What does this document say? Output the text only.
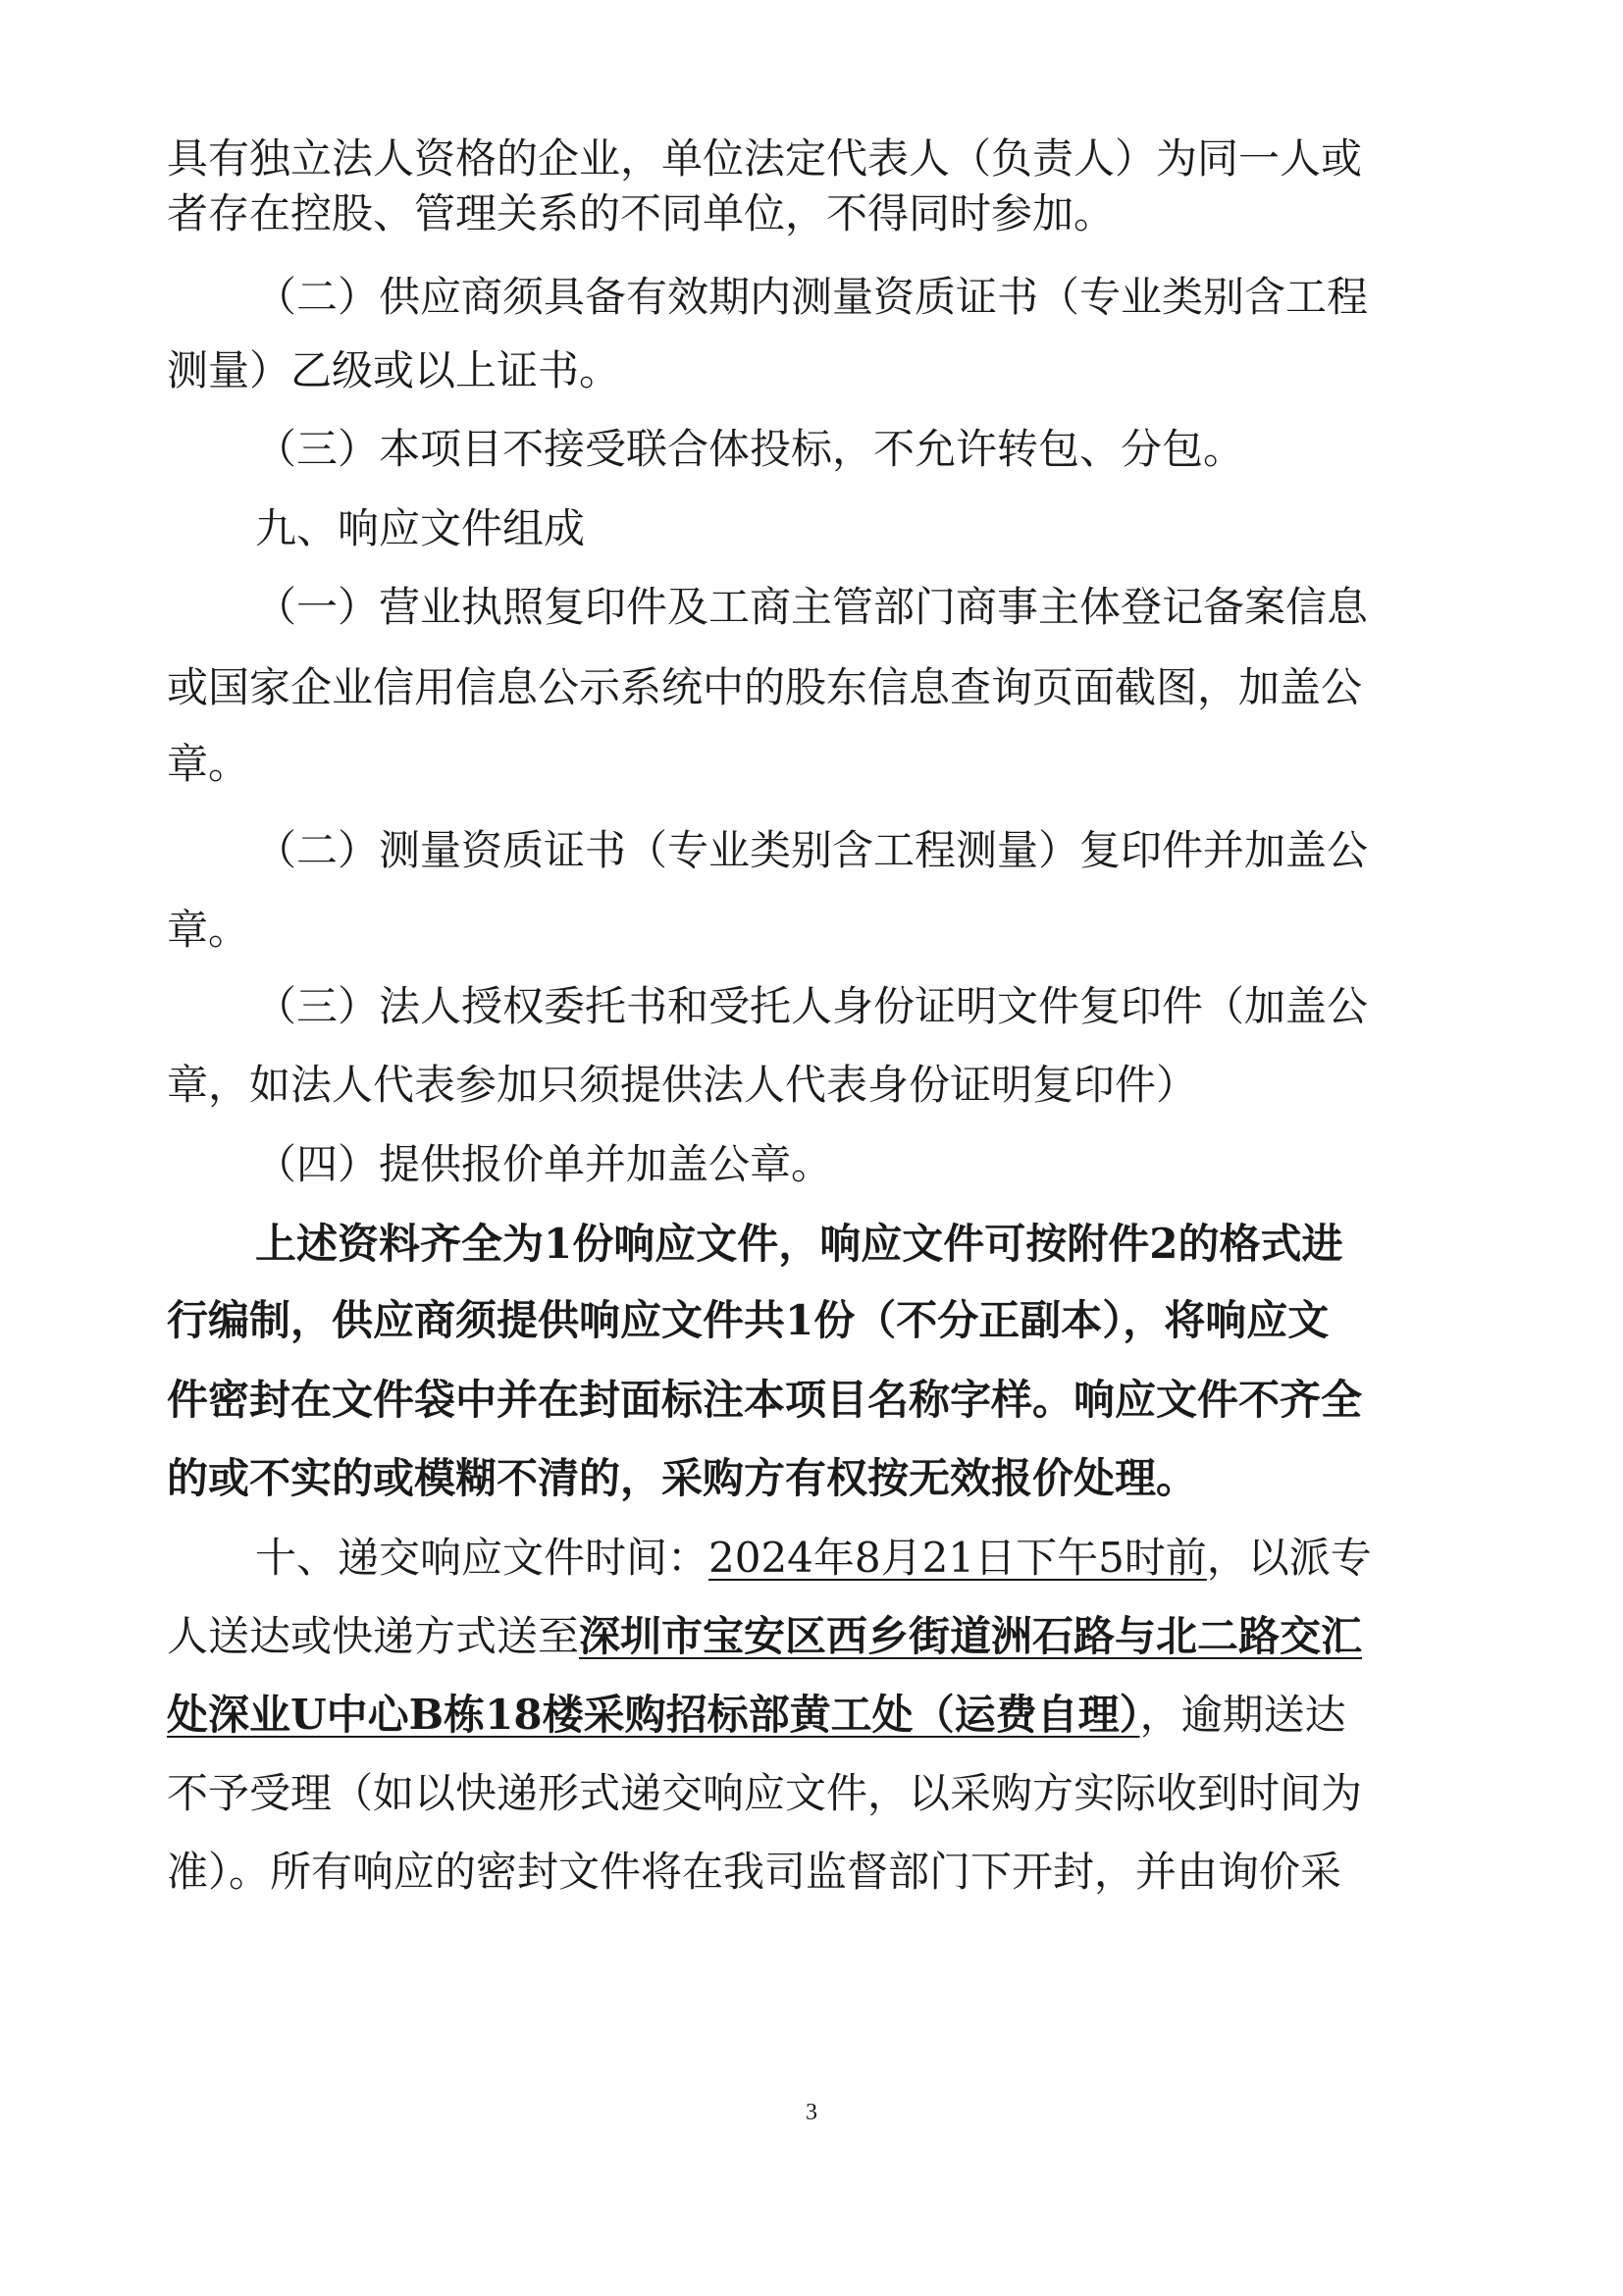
具有独立法人资格的企业，单位法定代表人（负责人）为同一人或
者存在控股、管理关系的不同单位，不得同时参加。
（二）供应商须具备有效期内测量资质证书（专业类别含工程
测量）乙级或以上证书。
（三）本项目不接受联合体投标，不允许转包、分包。
九、响应文件组成
（一）营业执照复印件及工商主管部门商事主体登记备案信息
或国家企业信用信息公示系统中的股东信息查询页面截图，加盖公
章。
（二）测量资质证书（专业类别含工程测量）复印件并加盖公
章。
（三）法人授权委托书和受托人身份证明文件复印件（加盖公
章，如法人代表参加只须提供法人代表身份证明复印件）
（四）提供报价单并加盖公章。
上述资料齐全为1份响应文件，响应文件可按附件2的格式进
行编制，供应商须提供响应文件共1份（不分正副本），将响应文
件密封在文件袋中并在封面标注本项目名称字样。响应文件不齐全
的或不实的或模糊不清的，采购方有权按无效报价处理。
十、递交响应文件时间：2024年8月21日下午5时前，以派专
人送达或快递方式送至深圳市宝安区西乡街道洲石路与北二路交汇
处深业U中心B栋18楼采购招标部黄工处（运费自理），逾期送达
不予受理（如以快递形式递交响应文件，以采购方实际收到时间为
准）。所有响应的密封文件将在我司监督部门下开封，并由询价采
3
